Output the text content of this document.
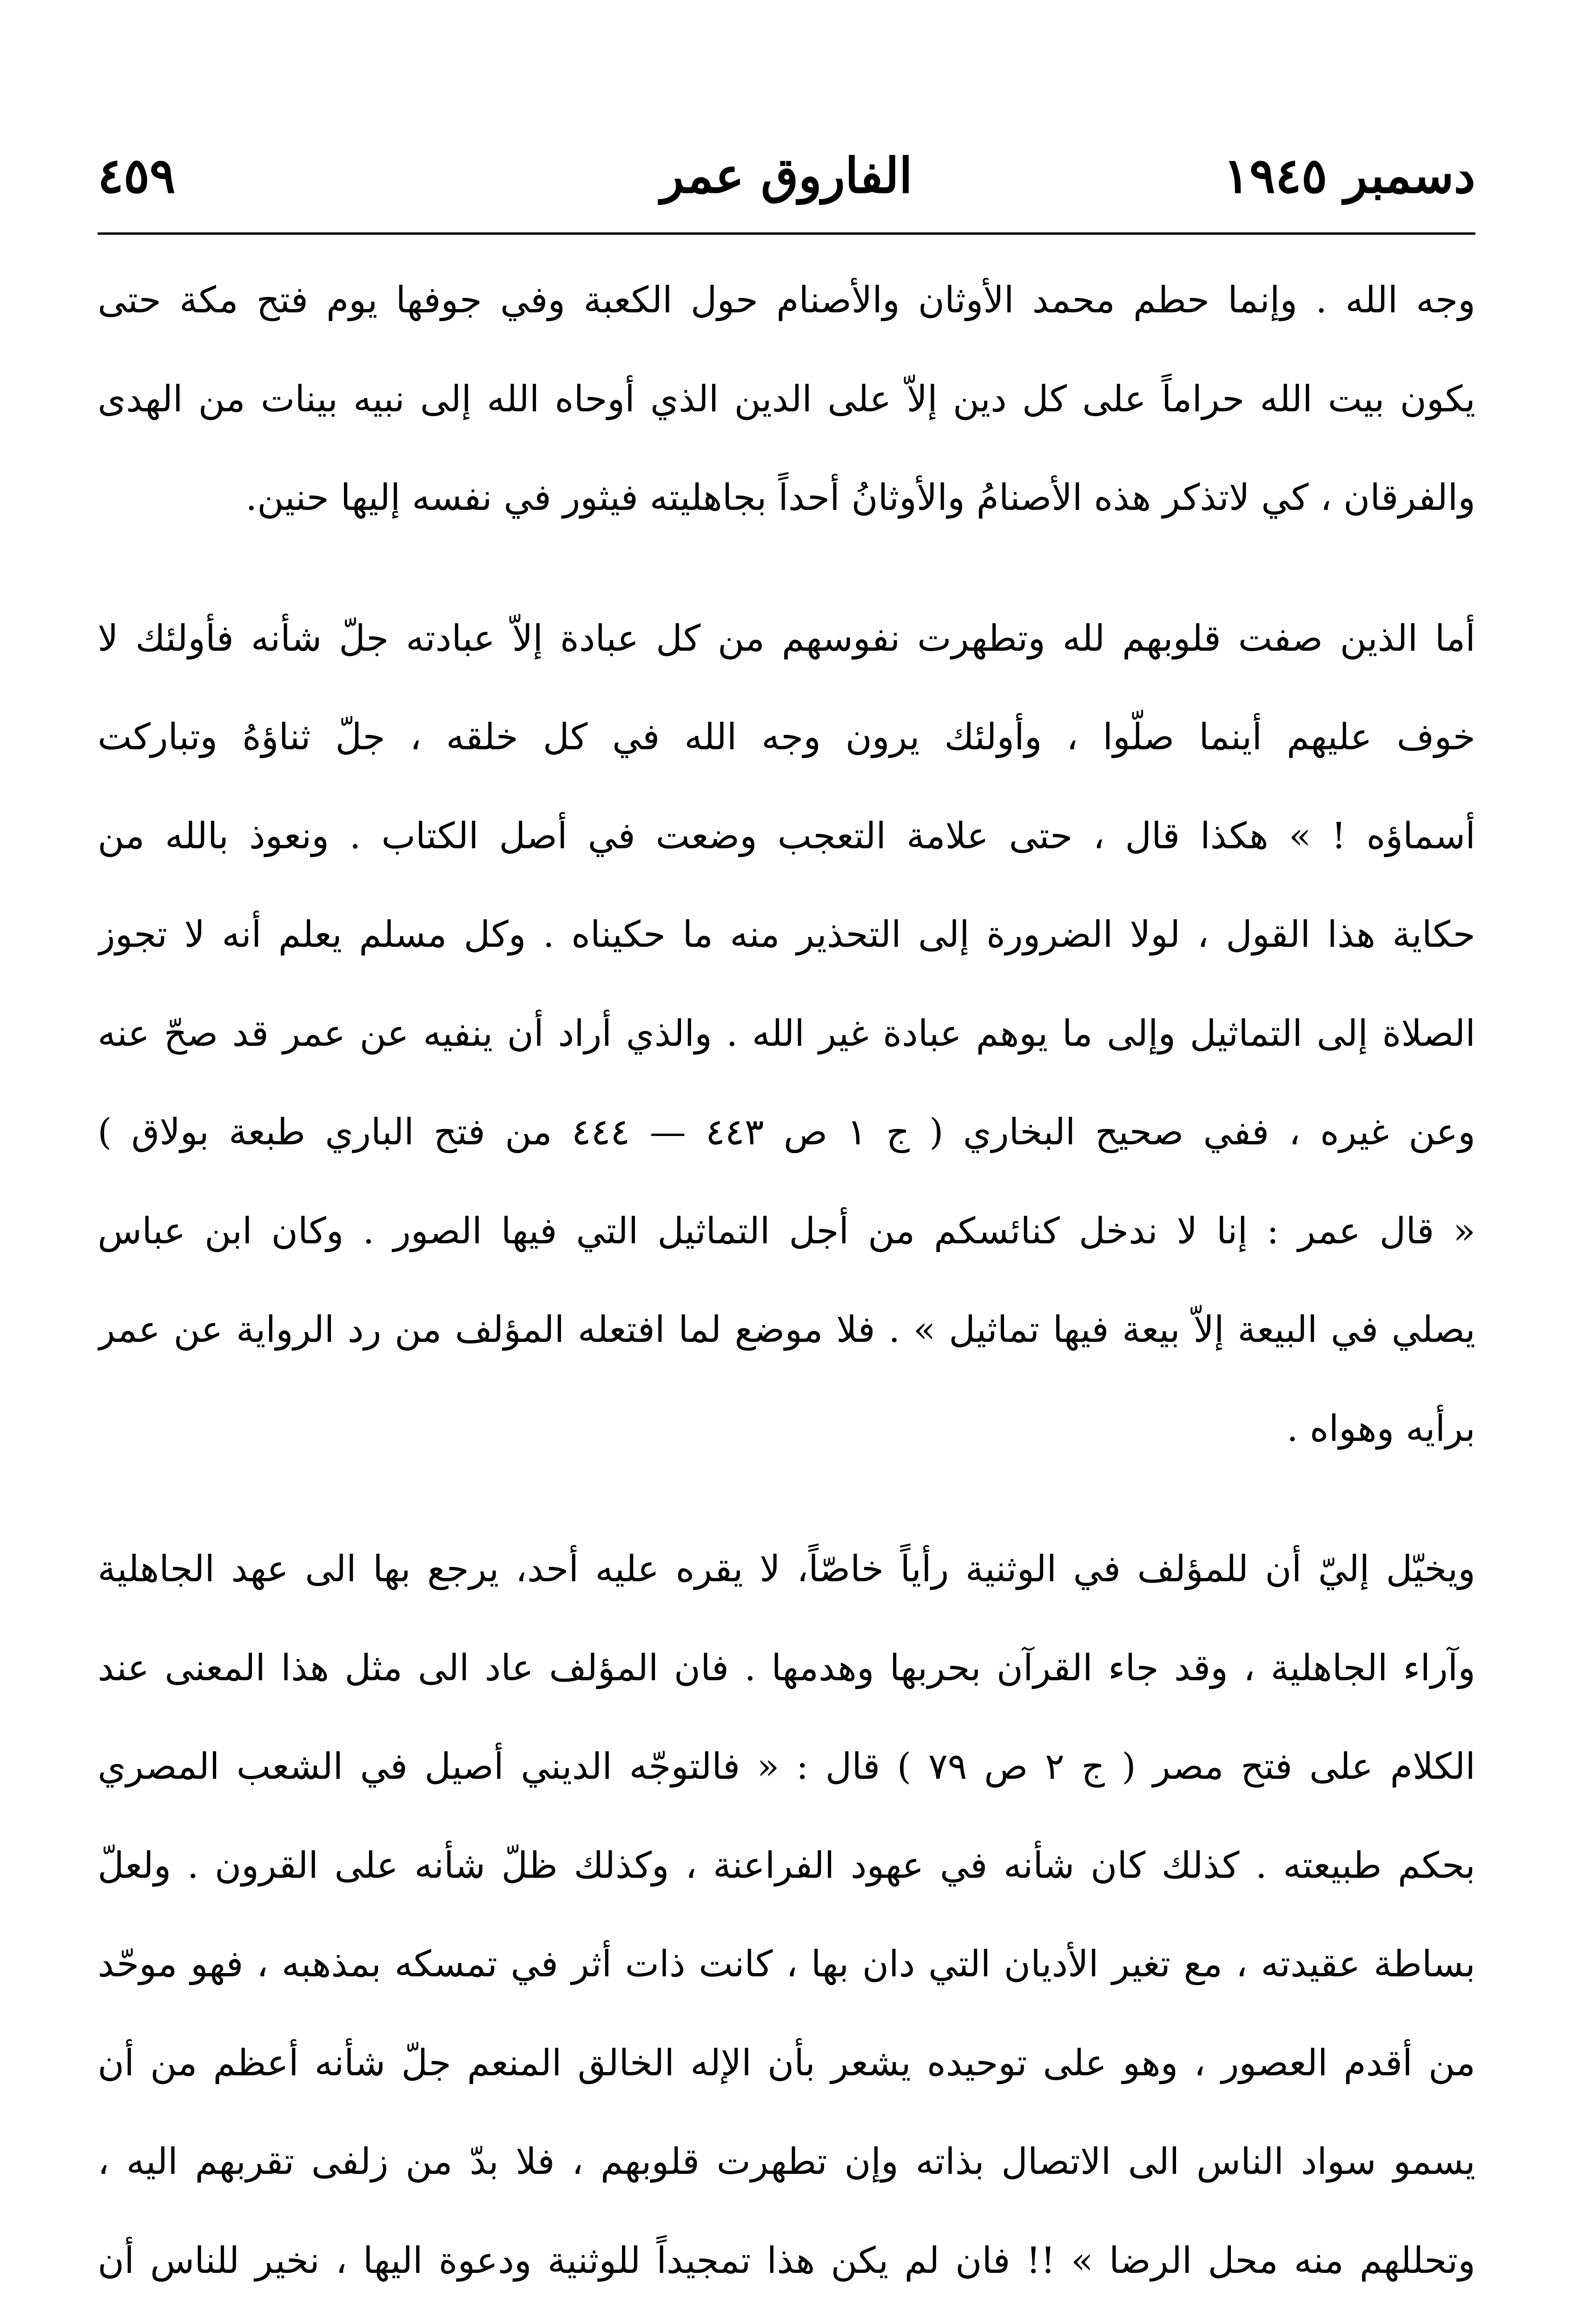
دسمبر ١٩٤٥
الفاروق عمر
٤٥٩
وجه الله . وإنما حطم محمد الأوثان والأصنام حول الكعبة وفي جوفها يوم فتح مكة حتى
يكون بيت الله حراماً على كل دين إلاّ على الدين الذي أوحاه الله إلى نبيه بينات من الهدى
والفرقان ، كي لاتذكر هذه الأصنامُ والأوثانُ أحداً بجاهليته فيثور في نفسه إليها حنين.
أما الذين صفت قلوبهم لله وتطهرت نفوسهم من كل عبادة إلاّ عبادته جلّ شأنه فأولئك لا
خوف عليهم أينما صلّوا ، وأولئك يرون وجه الله في كل خلقه ، جلّ ثناؤهُ وتباركت
أسماؤه ! » هكذا قال ، حتى علامة التعجب وضعت في أصل الكتاب . ونعوذ بالله من
حكاية هذا القول ، لولا الضرورة إلى التحذير منه ما حكيناه . وكل مسلم يعلم أنه لا تجوز
الصلاة إلى التماثيل وإلى ما يوهم عبادة غير الله . والذي أراد أن ينفيه عن عمر قد صحّ عنه
وعن غيره ، ففي صحيح البخاري ( ج ١ ص ٤٤٣ — ٤٤٤ من فتح الباري طبعة بولاق )
« قال عمر : إنا لا ندخل كنائسكم من أجل التماثيل التي فيها الصور . وكان ابن عباس
يصلي في البيعة إلاّ بيعة فيها تماثيل » . فلا موضع لما افتعله المؤلف من رد الرواية عن عمر
برأيه وهواه .
ويخيّل إليّ أن للمؤلف في الوثنية رأياً خاصّاً، لا يقره عليه أحد، يرجع بها الى عهد الجاهلية
وآراء الجاهلية ، وقد جاء القرآن بحربها وهدمها . فان المؤلف عاد الى مثل هذا المعنى عند
الكلام على فتح مصر ( ج ٢ ص ٧٩ ) قال : « فالتوجّه الديني أصيل في الشعب المصري
بحكم طبيعته . كذلك كان شأنه في عهود الفراعنة ، وكذلك ظلّ شأنه على القرون . ولعلّ
بساطة عقيدته ، مع تغير الأديان التي دان بها ، كانت ذات أثر في تمسكه بمذهبه ، فهو موحّد
من أقدم العصور ، وهو على توحيده يشعر بأن الإله الخالق المنعم جلّ شأنه أعظم من أن
يسمو سواد الناس الى الاتصال بذاته وإن تطهرت قلوبهم ، فلا بدّ من زلفى تقربهم اليه ،
وتحللهم منه محل الرضا » !! فان لم يكن هذا تمجيداً للوثنية ودعوة اليها ، نخير للناس أن
